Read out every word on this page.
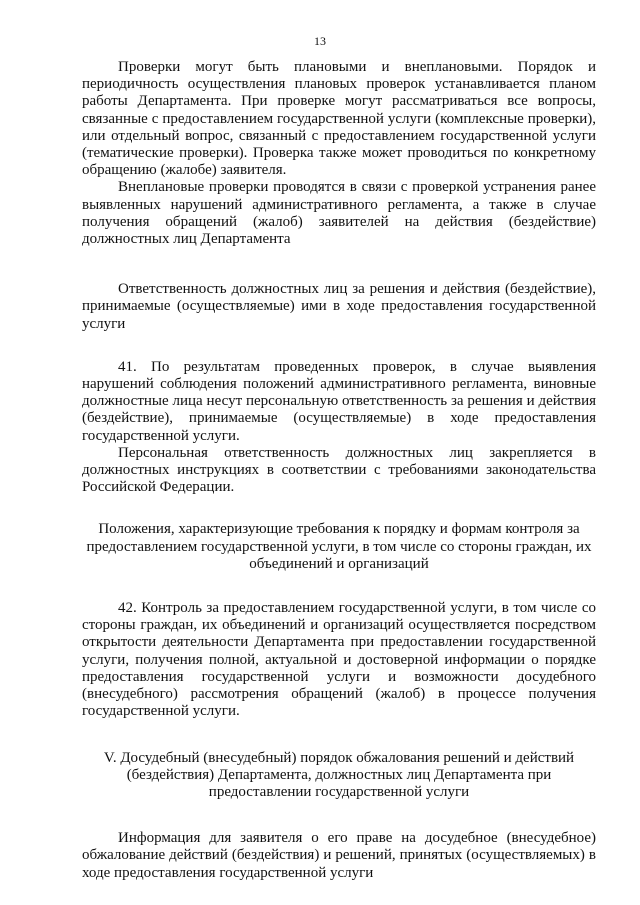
13

Проверки могут быть плановыми и внеплановыми. Порядок и периодичность осуществления плановых проверок устанавливается планом работы Департамента. При проверке могут рассматриваться все вопросы, связанные с предоставлением государственной услуги (комплексные проверки), или отдельный вопрос, связанный с предоставлением государственной услуги (тематические проверки). Проверка также может проводиться по конкретному обращению (жалобе) заявителя.

Внеплановые проверки проводятся в связи с проверкой устранения ранее выявленных нарушений административного регламента, а также в случае получения обращений (жалоб) заявителей на действия (бездействие) должностных лиц Департамента

Ответственность должностных лиц за решения и действия (бездействие), принимаемые (осуществляемые) ими в ходе предоставления государственной услуги

41. По результатам проведенных проверок, в случае выявления нарушений соблюдения положений административного регламента, виновные должностные лица несут персональную ответственность за решения и действия (бездействие), принимаемые (осуществляемые) в ходе предоставления государственной услуги.

Персональная ответственность должностных лиц закрепляется в должностных инструкциях в соответствии с требованиями законодательства Российской Федерации.

Положения, характеризующие требования к порядку и формам контроля за предоставлением государственной услуги, в том числе со стороны граждан, их объединений и организаций

42. Контроль за предоставлением государственной услуги, в том числе со стороны граждан, их объединений и организаций осуществляется посредством открытости деятельности Департамента при предоставлении государственной услуги, получения полной, актуальной и достоверной информации о порядке предоставления государственной услуги и возможности досудебного (внесудебного) рассмотрения обращений (жалоб) в процессе получения государственной услуги.

V. Досудебный (внесудебный) порядок обжалования решений и действий (бездействия) Департамента, должностных лиц Департамента при предоставлении государственной услуги

Информация для заявителя о его праве на досудебное (внесудебное) обжалование действий (бездействия) и решений, принятых (осуществляемых) в ходе предоставления государственной услуги
